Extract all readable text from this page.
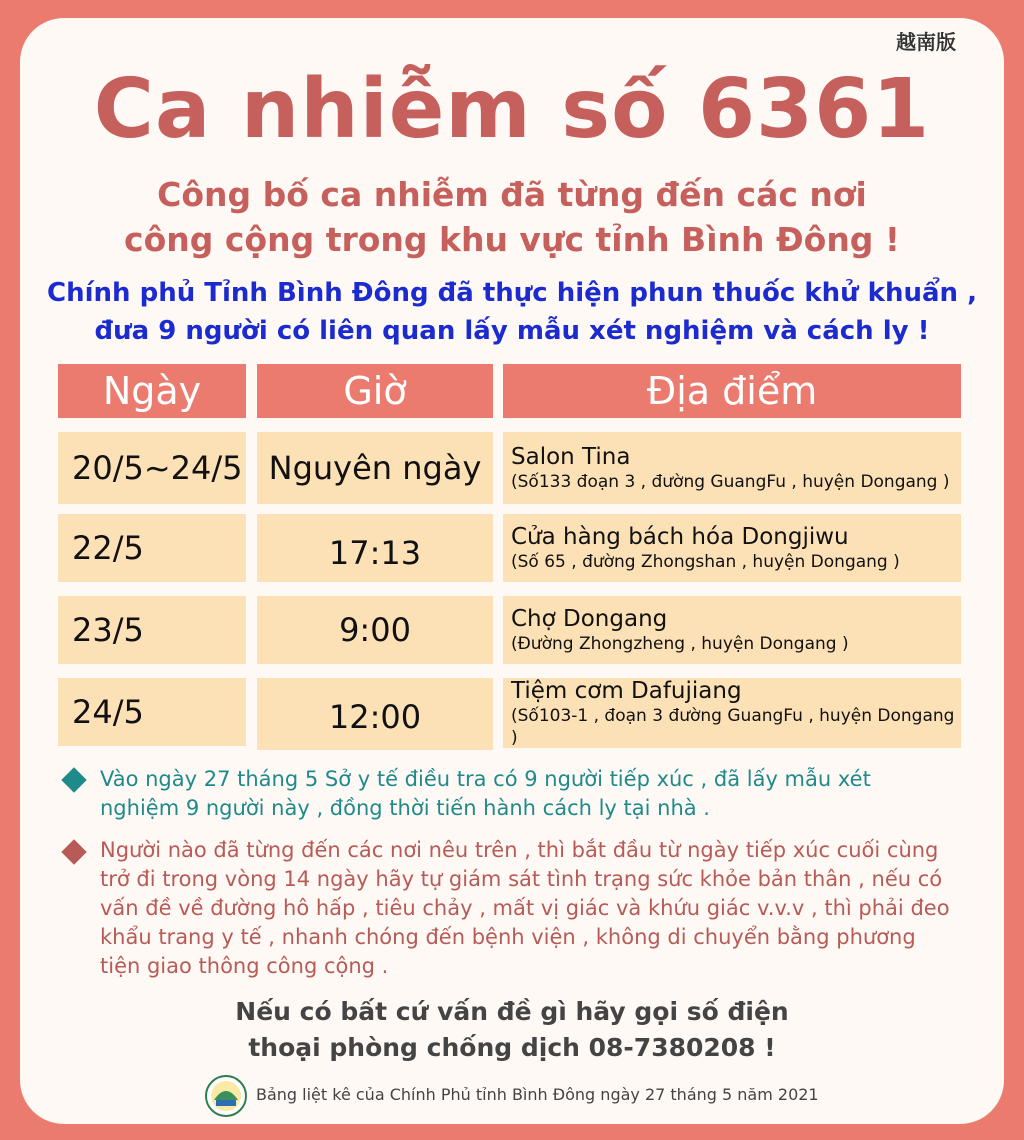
越南版
Ca nhiễm số 6361
Công bố ca nhiễm đã từng đến các nơi công cộng trong khu vực tỉnh Bình Đông !
Chính phủ Tỉnh Bình Đông đã thực hiện phun thuốc khử khuẩn ,
đưa 9 người có liên quan lấy mẫu xét nghiệm và cách ly !
Ngày	Giờ	Địa điểm
20/5~24/5 Nguyên ngày	Salon Tina
(Số133 đoạn 3 , đường GuangFu , huyện Dongang )
22/5	17:13	Cửa hàng bách hóa Dongjiwu
(Số 65 , đường Zhongshan , huyện Dongang )
23/5	9:00	Chợ Dongang
(Đường Zhongzheng , huyện Dongang )
24/5	12:00
Tiệm cơm Dafujiang
(Số103-1 , đoạn 3 đường GuangFu , huyện Dongang )
Vào ngày 27 tháng 5 Sở y tế điều tra có 9 người tiếp xúc , đã lấy mẫu xét nghiệm 9 người này , đồng thời tiến hành cách ly tại nhà .
Người nào đã từng đến các nơi nêu trên , thì bắt đầu từ ngày tiếp xúc cuối cùng trở đi trong vòng 14 ngày hãy tự giám sát tình trạng sức khỏe bản thân , nếu có vấn đề về đường hô hấp , tiêu chảy , mất vị giác và khứu giác v.v.v , thì phải đeo khẩu trang y tế , nhanh chóng đến bệnh viện , không di chuyển bằng phương tiện giao thông công cộng .
Nếu có bất cứ vấn đề gì hãy gọi số điện
thoại phòng chống dịch 08-7380208 !
Bảng liệt kê của Chính Phủ tỉnh Bình Đông ngày 27 tháng 5 năm 2021
